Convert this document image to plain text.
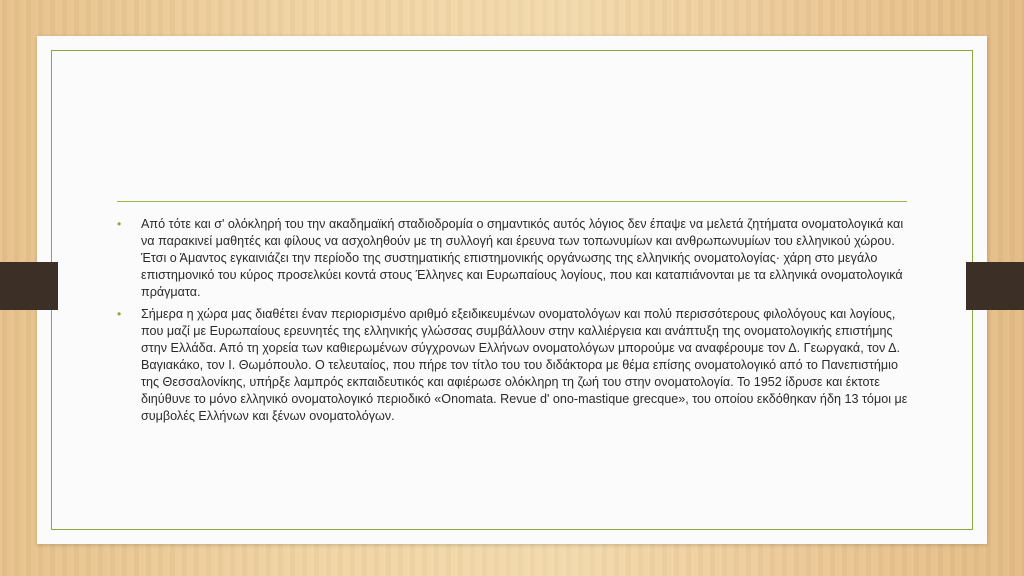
• Από τότε και σ' ολόκληρή του την ακαδημαϊκή σταδιοδρομία ο σημαντικός αυτός λόγιος δεν έπαψε να μελετά ζητήματα ονοματολογικά και να παρακινεί μαθητές και φίλους να ασχοληθούν με τη συλλογή και έρευνα των τοπωνυμίων και ανθρωπωνυμίων του ελληνικού χώρου. Έτσι ο Άμαντος εγκαινιάζει την περίοδο της συστηματικής επιστημονικής οργάνωσης της ελληνικής ονοματολογίας· χάρη στο μεγάλο επιστημονικό του κύρος προσελκύει κοντά στους Έλληνες και Ευρωπαίους λογίους, που και καταπιάνονται με τα ελληνικά ονοματολογικά πράγματα.
• Σήμερα η χώρα μας διαθέτει έναν περιορισμένο αριθμό εξειδικευμένων ονοματολόγων και πολύ περισσότερους φιλολόγους και λογίους, που μαζί με Ευρωπαίους ερευνητές της ελληνικής γλώσσας συμβάλλουν στην καλλιέργεια και ανάπτυξη της ονοματολογικής επιστήμης στην Ελλάδα. Από τη χορεία των καθιερωμένων σύγχρονων Ελλήνων ονοματολόγων μπορούμε να αναφέρουμε τον Δ. Γεωργακά, τον Δ. Βαγιακάκο, τον Ι. Θωμόπουλο. Ο τελευταίος, που πήρε τον τίτλο του του διδάκτορα με θέμα επίσης ονοματολογικό από το Πανεπιστήμιο της Θεσσαλονίκης, υπήρξε λαμπρός εκπαιδευτικός και αφιέρωσε ολόκληρη τη ζωή του στην ονοματολογία. Το 1952 ίδρυσε και έκτοτε διηύθυνε το μόνο ελληνικό ονοματολογικό περιοδικό «Onomata. Revue d' ono-mastique grecque», του οποίου εκδόθηκαν ήδη 13 τόμοι με συμβολές Ελλήνων και ξένων ονοματολόγων.
